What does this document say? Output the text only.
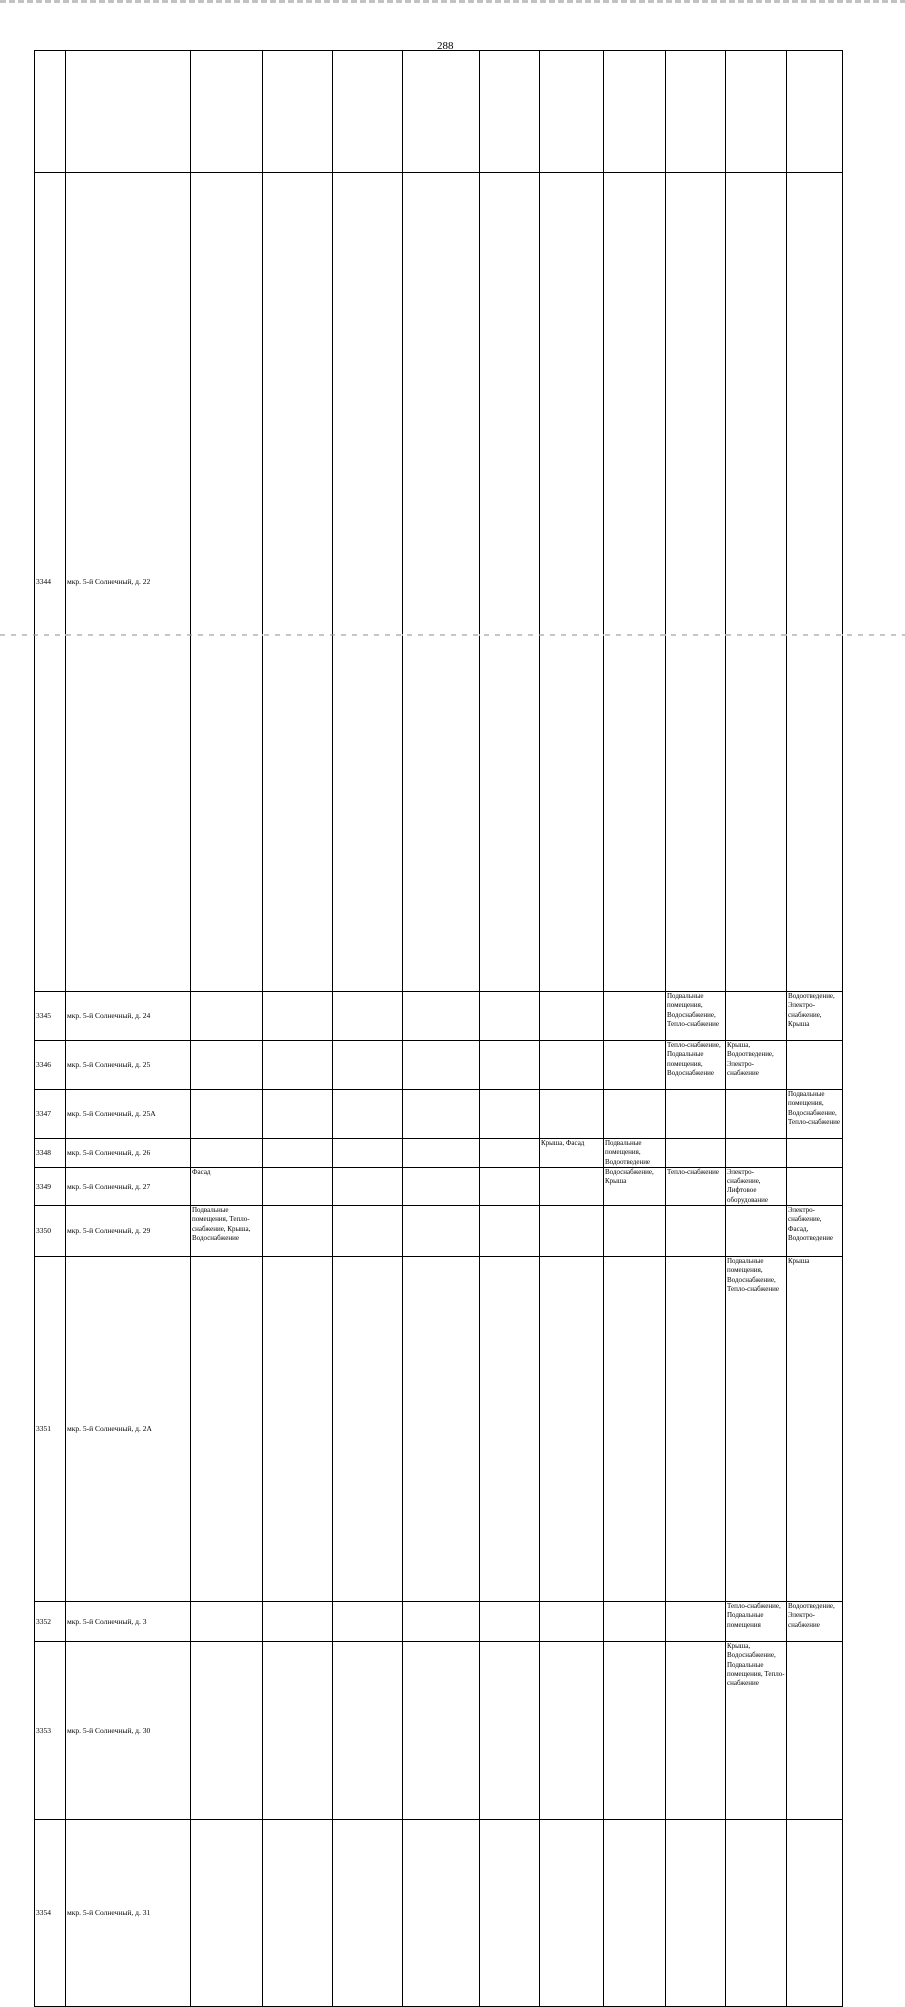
288

3344	мкр. 5-й Солнечный, д. 22											
3345	мкр. 5-й Солнечный, д. 24								Подвальные помещения, Водоснабжение, Тепло-снабжение		Водоотведение, Электро-снабжение, Крыша	
3346	мкр. 5-й Солнечный, д. 25								Тепло-снабжение, Подвальные помещения, Водоснабжение	Крыша, Водоотведение, Электро-снабжение		
3347	мкр. 5-й Солнечный, д. 25А										Подвальные помещения, Водоснабжение, Тепло-снабжение	
3348	мкр. 5-й Солнечный, д. 26						Крыша, Фасад	Подвальные помещения, Водоотведение				
3349	мкр. 5-й Солнечный, д. 27	Фасад						Водоснабжение, Крыша	Тепло-снабжение	Электро-снабжение, Лифтовое оборудование		
3350	мкр. 5-й Солнечный, д. 29	Подвальные помещения, Тепло-снабжение, Крыша, Водоснабжение									Электро-снабжение, Фасад, Водоотведение	
3351	мкр. 5-й Солнечный, д. 2А									Подвальные помещения, Водоснабжение, Тепло-снабжение	Крыша	
3352	мкр. 5-й Солнечный, д. 3									Тепло-снабжение, Подвальные помещения	Водоотведение, Электро-снабжение	
3353	мкр. 5-й Солнечный, д. 30									Крыша, Водоснабжение, Подвальные помещения, Тепло-снабжение		
3354	мкр. 5-й Солнечный, д. 31											
